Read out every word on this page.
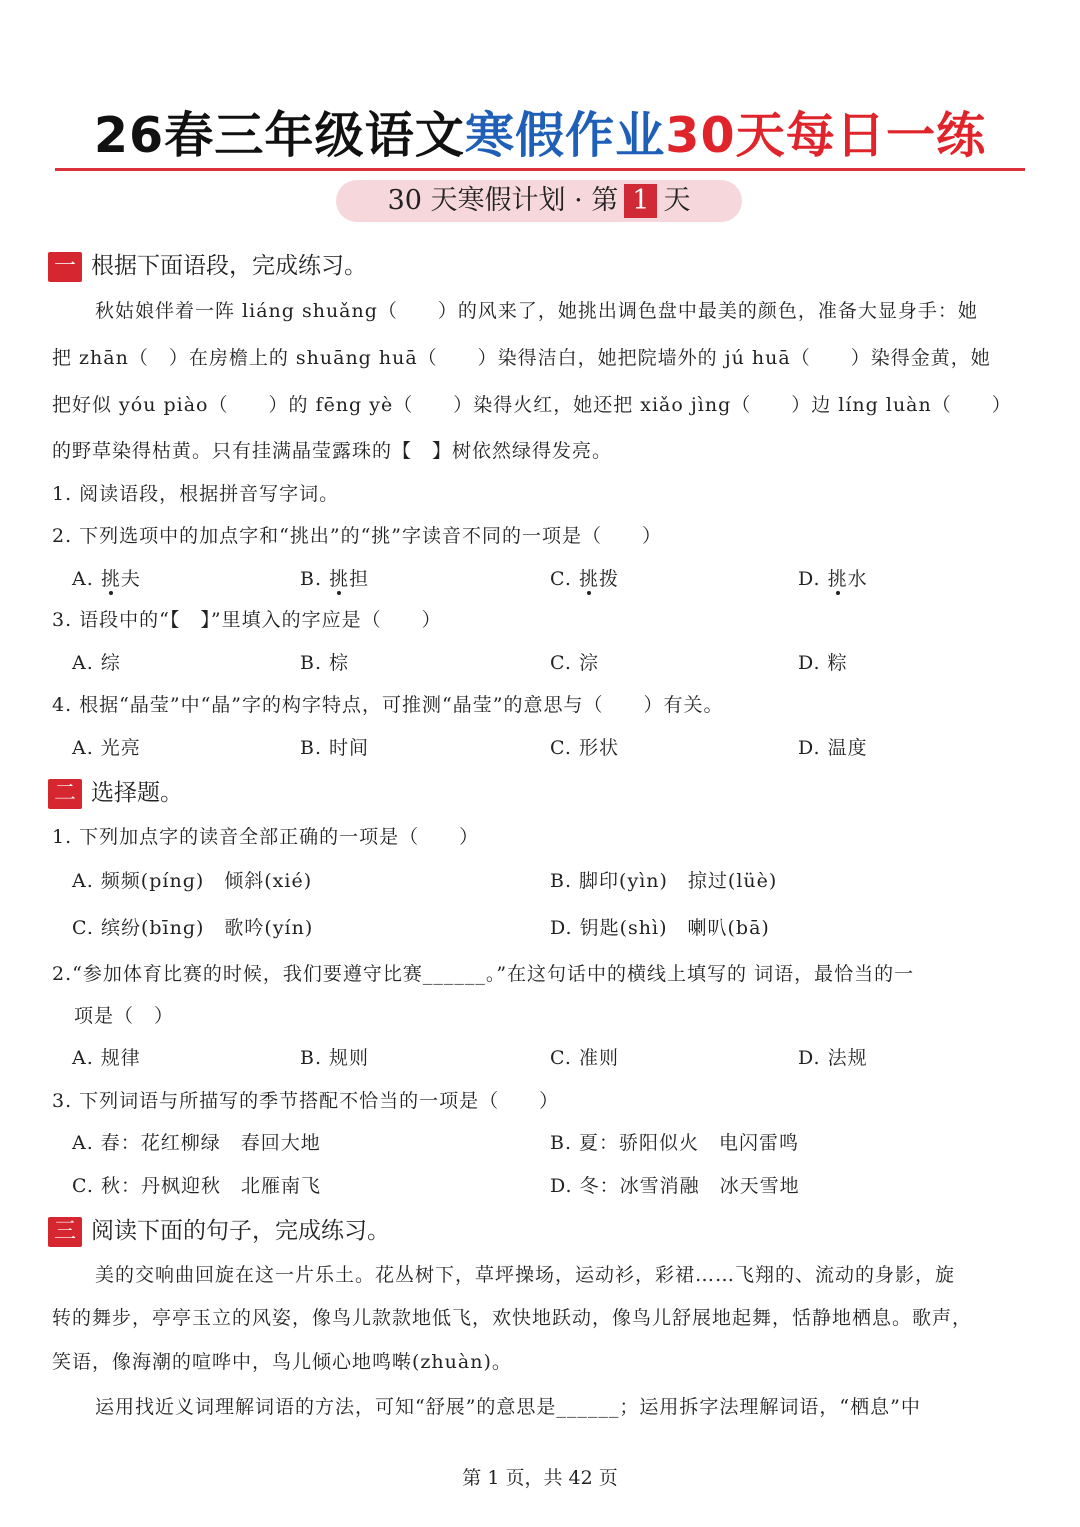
26春三年级语文寒假作业30天每日一练
30 天寒假计划 · 第 1 天
一 根据下面语段，完成练习。
秋姑娘伴着一阵 liáng shuǎng（　　）的风来了，她挑出调色盘中最美的颜色，准备大显身手：她
把 zhān（　）在房檐上的 shuāng huā（　　）染得洁白，她把院墙外的 jú huā（　　）染得金黄，她
把好似 yóu piào（　　）的 fēng yè（　　）染得火红，她还把 xiǎo jìng（　　）边 líng luàn（　　）
的野草染得枯黄。只有挂满晶莹露珠的【　】树依然绿得发亮。
1. 阅读语段，根据拼音写字词。
2. 下列选项中的加点字和“挑出”的“挑”字读音不同的一项是（　　）
A. 挑夫	B. 挑担	C. 挑拨	D. 挑水
3. 语段中的“【　】”里填入的字应是（　　）
A. 综	B. 棕	C. 淙	D. 粽
4. 根据“晶莹”中“晶”字的构字特点，可推测“晶莹”的意思与（　　）有关。
A. 光亮	B. 时间	C. 形状	D. 温度
二 选择题。
1. 下列加点字的读音全部正确的一项是（　　）
A. 频频(pínɡ)　倾斜(xié)	B. 脚印(yìn)　掠过(lüè)
C. 缤纷(bīnɡ)　歌吟(yín)	D. 钥匙(shì)　喇叭(bā)
2.“参加体育比赛的时候，我们要遵守比赛______。”在这句话中的横线上填写的 词语，最恰当的一
项是（　）
A. 规律	B. 规则	C. 准则	D. 法规
3. 下列词语与所描写的季节搭配不恰当的一项是（　　）
A. 春：花红柳绿　春回大地	B. 夏：骄阳似火　电闪雷鸣
C. 秋：丹枫迎秋　北雁南飞	D. 冬：冰雪消融　冰天雪地
三 阅读下面的句子，完成练习。
美的交响曲回旋在这一片乐土。花丛树下，草坪操场，运动衫，彩裙……飞翔的、流动的身影，旋
转的舞步，亭亭玉立的风姿，像鸟儿款款地低飞，欢快地跃动，像鸟儿舒展地起舞，恬静地栖息。歌声，
笑语，像海潮的喧哗中，鸟儿倾心地鸣啭(zhuàn)。
运用找近义词理解词语的方法，可知“舒展”的意思是______；运用拆字法理解词语，“栖息”中
第 1 页，共 42 页
